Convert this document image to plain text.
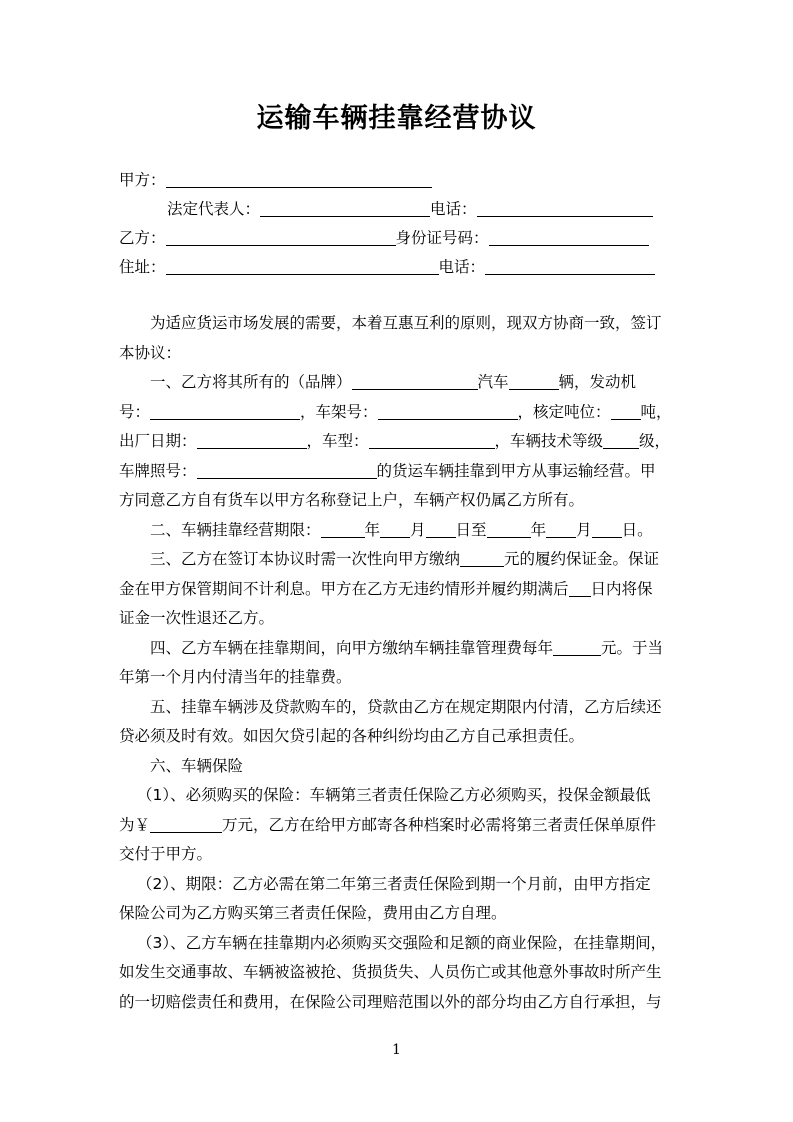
运输车辆挂靠经营协议
甲方：
法定代表人：	电话：
乙方：	身份证号码：
住址：	电话：
为适应货运市场发展的需要，本着互惠互利的原则，现双方协商一致，签订
本协议：
一、乙方将其所有的（品牌）	汽车	辆，发动机
号：	，车架号：	，核定吨位： 吨，
出厂日期：	，车型：	，车辆技术等级 级，
车牌照号：	的货运车辆挂靠到甲方从事运输经营。甲
方同意乙方自有货车以甲方名称登记上户，车辆产权仍属乙方所有。
二、车辆挂靠经营期限：	年 月 日至	年 月 日。
三、乙方在签订本协议时需一次性向甲方缴纳	元的履约保证金。保证
金在甲方保管期间不计利息。甲方在乙方无违约情形并履约期满后 日内将保
证金一次性退还乙方。
四、乙方车辆在挂靠期间，向甲方缴纳车辆挂靠管理费每年	元。于当
年第一个月内付清当年的挂靠费。
五、挂靠车辆涉及贷款购车的，贷款由乙方在规定期限内付清，乙方后续还
贷必须及时有效。如因欠贷引起的各种纠纷均由乙方自己承担责任。
六、车辆保险
（1）、必须购买的保险：车辆第三者责任保险乙方必须购买，投保金额最低
为￥	万元，乙方在给甲方邮寄各种档案时必需将第三者责任保单原件
交付于甲方。
（2）、期限：乙方必需在第二年第三者责任保险到期一个月前，由甲方指定
保险公司为乙方购买第三者责任保险，费用由乙方自理。
（3）、乙方车辆在挂靠期内必须购买交强险和足额的商业保险，在挂靠期间，
如发生交通事故、车辆被盗被抢、货损货失、人员伤亡或其他意外事故时所产生
的一切赔偿责任和费用，在保险公司理赔范围以外的部分均由乙方自行承担，与
1
